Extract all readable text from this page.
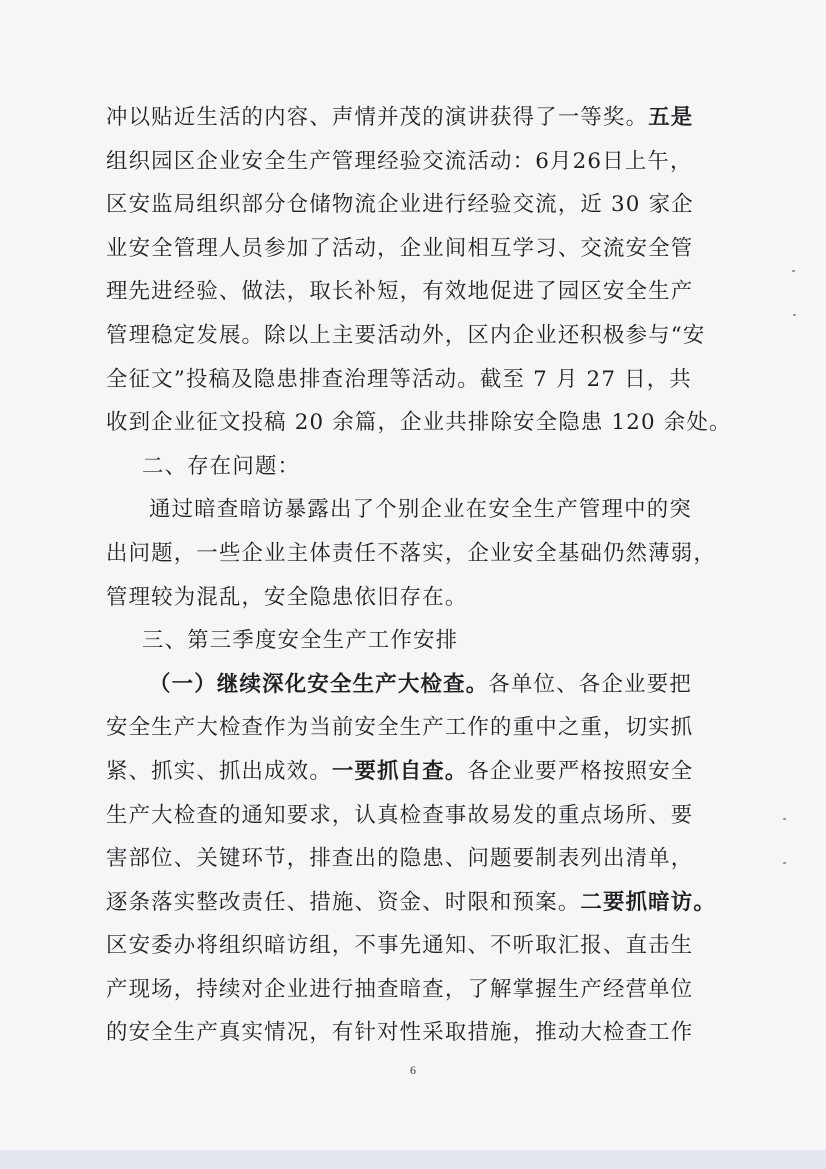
冲以贴近生活的内容、声情并茂的演讲获得了一等奖。五是
组织园区企业安全生产管理经验交流活动：6月26日上午，
区安监局组织部分仓储物流企业进行经验交流，近 30 家企
业安全管理人员参加了活动，企业间相互学习、交流安全管
理先进经验、做法，取长补短，有效地促进了园区安全生产
管理稳定发展。除以上主要活动外，区内企业还积极参与“安
全征文”投稿及隐患排查治理等活动。截至 7 月 27 日，共
收到企业征文投稿 20 余篇，企业共排除安全隐患 120 余处。
二、存在问题：
通过暗查暗访暴露出了个别企业在安全生产管理中的突
出问题，一些企业主体责任不落实，企业安全基础仍然薄弱，
管理较为混乱，安全隐患依旧存在。
三、第三季度安全生产工作安排
（一）继续深化安全生产大检查。各单位、各企业要把
安全生产大检查作为当前安全生产工作的重中之重，切实抓
紧、抓实、抓出成效。一要抓自查。各企业要严格按照安全
生产大检查的通知要求，认真检查事故易发的重点场所、要
害部位、关键环节，排查出的隐患、问题要制表列出清单，
逐条落实整改责任、措施、资金、时限和预案。二要抓暗访。
区安委办将组织暗访组，不事先通知、不听取汇报、直击生
产现场，持续对企业进行抽查暗查，了解掌握生产经营单位
的安全生产真实情况，有针对性采取措施，推动大检查工作
6
